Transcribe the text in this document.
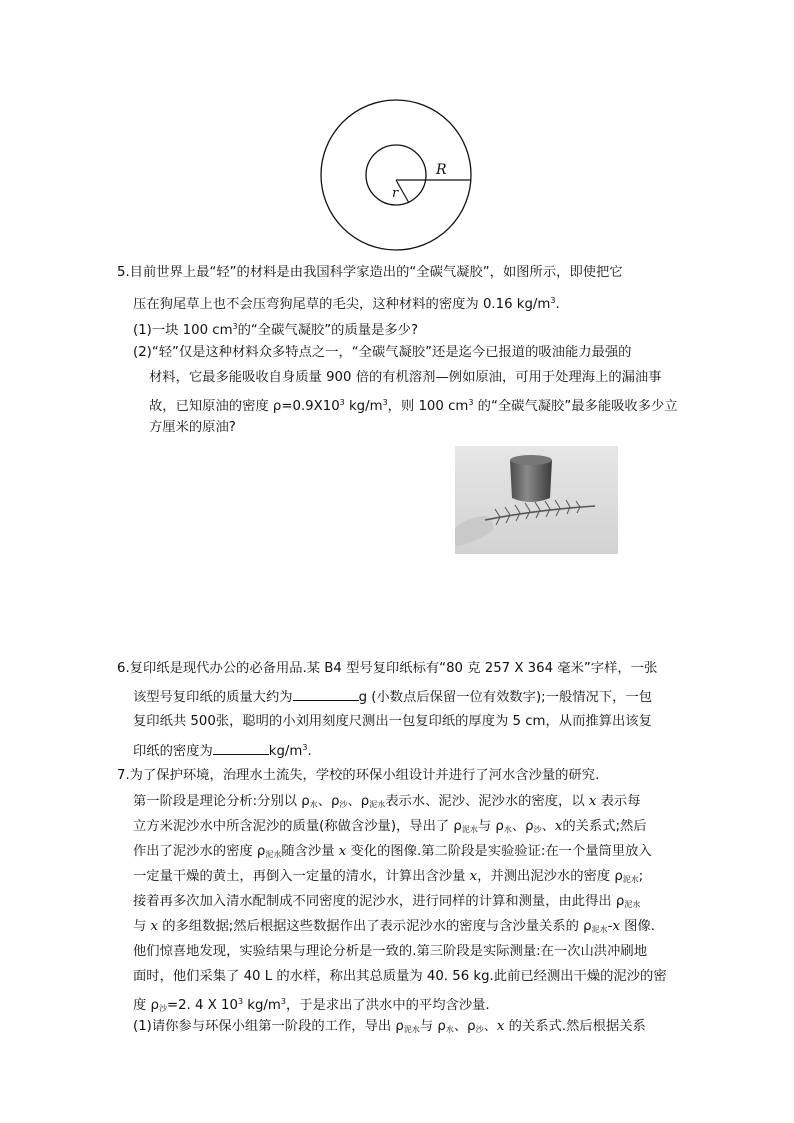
R
r
5.目前世界上最“轻”的材料是由我国科学家造出的“全碳气凝胶”，如图所示，即使把它
压在狗尾草上也不会压弯狗尾草的毛尖，这种材料的密度为 0.16 $kg/m^3$.
(1)一块 100 $cm^3$的“全碳气凝胶”的质量是多少?
(2)“轻”仅是这种材料众多特点之一，“全碳气凝胶”还是迄今已报道的吸油能力最强的
材料，它最多能吸收自身质量 900 倍的有机溶剂—例如原油，可用于处理海上的漏油事
故，已知原油的密度 $\rho=0.9X10^3$ $kg/m^3$，则 100 $cm^3$ 的“全碳气凝胶”最多能吸收多少立
方厘米的原油?
6.复印纸是现代办公的必备用品.某 B4 型号复印纸标有“80 克 257 X 364 毫米”字样，一张
该型号复印纸的质量大约为	g (小数点后保留一位有效数字);一般情况下，一包
复印纸共 500张，聪明的小刘用刻度尺测出一包复印纸的厚度为 5 cm，从而推算出该复
印纸的密度为	$kg/m^3$.
7.为了保护环境，治理水土流失，学校的环保小组设计并进行了河水含沙量的研究.
第一阶段是理论分析:分别以 $\rho_水$、$\rho_沙$、$\rho_{泥水}$表示水、泥沙、泥沙水的密度，以 x 表示每
立方米泥沙水中所含泥沙的质量(称做含沙量)，导出了 $\rho_{泥水}$与 $\rho_水$、$\rho_沙$、x的关系式;然后
作出了泥沙水的密度 $\rho_{泥水}$随含沙量 x 变化的图像.第二阶段是实验验证:在一个量筒里放入
一定量干燥的黄土，再倒入一定量的清水，计算出含沙量 x，并测出泥沙水的密度 $\rho_{泥水}$;
接着再多次加入清水配制成不同密度的泥沙水，进行同样的计算和测量，由此得出 $\rho_{泥水}$
与 x 的多组数据;然后根据这些数据作出了表示泥沙水的密度与含沙量关系的 $\rho_{泥水}-x$ 图像.
他们惊喜地发现，实验结果与理论分析是一致的.第三阶段是实际测量:在一次山洪冲刷地
面时，他们采集了 40 L 的水样，称出其总质量为 40. 56 kg.此前已经测出干燥的泥沙的密
度 $\rho_沙=2$. 4 X $10^3$ $kg/m^3$，于是求出了洪水中的平均含沙量.
(1)请你参与环保小组第一阶段的工作，导出 $\rho_{泥水}$与 $\rho_水$、$\rho_沙$、x 的关系式.然后根据关系
